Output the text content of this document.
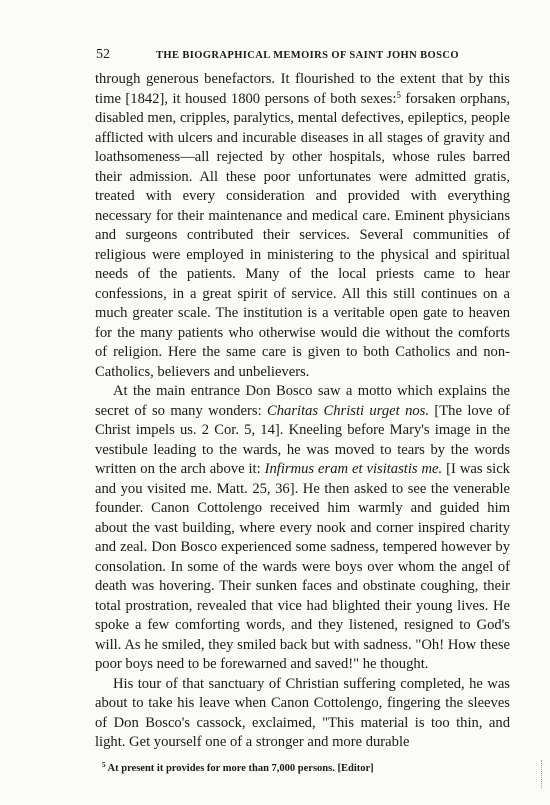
52	THE BIOGRAPHICAL MEMOIRS OF SAINT JOHN BOSCO

through generous benefactors. It flourished to the extent that by this time [1842], it housed 1800 persons of both sexes:$^5$ forsaken orphans, disabled men, cripples, paralytics, mental defectives, epileptics, people afflicted with ulcers and incurable diseases in all stages of gravity and loathsomeness—all rejected by other hospitals, whose rules barred their admission. All these poor unfortunates were admitted gratis, treated with every consideration and provided with everything necessary for their maintenance and medical care. Eminent physicians and surgeons contributed their services. Several communities of religious were employed in ministering to the physical and spiritual needs of the patients. Many of the local priests came to hear confessions, in a great spirit of service. All this still continues on a much greater scale. The institution is a veritable open gate to heaven for the many patients who otherwise would die without the comforts of religion. Here the same care is given to both Catholics and non-Catholics, believers and unbelievers.

At the main entrance Don Bosco saw a motto which explains the secret of so many wonders: Charitas Christi urget nos. [The love of Christ impels us. 2 Cor. 5, 14]. Kneeling before Mary's image in the vestibule leading to the wards, he was moved to tears by the words written on the arch above it: Infirmus eram et visitastis me. [I was sick and you visited me. Matt. 25, 36]. He then asked to see the venerable founder. Canon Cottolengo received him warmly and guided him about the vast building, where every nook and corner inspired charity and zeal. Don Bosco experienced some sadness, tempered however by consolation. In some of the wards were boys over whom the angel of death was hovering. Their sunken faces and obstinate coughing, their total prostration, revealed that vice had blighted their young lives. He spoke a few comforting words, and they listened, resigned to God's will. As he smiled, they smiled back but with sadness. "Oh! How these poor boys need to be forewarned and saved!" he thought.

His tour of that sanctuary of Christian suffering completed, he was about to take his leave when Canon Cottolengo, fingering the sleeves of Don Bosco's cassock, exclaimed, "This material is too thin, and light. Get yourself one of a stronger and more durable

$^5$ At present it provides for more than 7,000 persons. [Editor]
